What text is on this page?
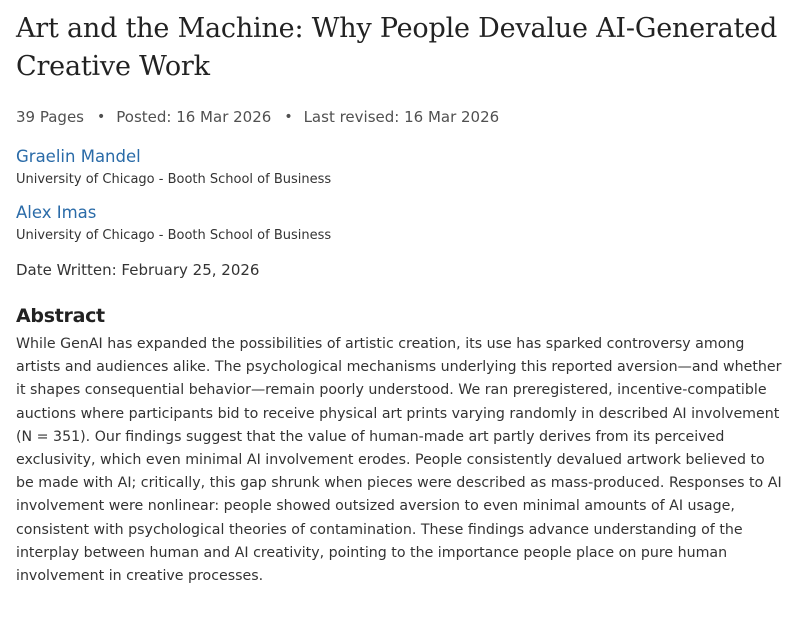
Art and the Machine: Why People Devalue AI-Generated Creative Work
39 Pages • Posted: 16 Mar 2026 • Last revised: 16 Mar 2026
Graelin Mandel
University of Chicago - Booth School of Business
Alex Imas
University of Chicago - Booth School of Business
Date Written: February 25, 2026
Abstract
While GenAI has expanded the possibilities of artistic creation, its use has sparked controversy among artists and audiences alike. The psychological mechanisms underlying this reported aversion—and whether it shapes consequential behavior—remain poorly understood. We ran preregistered, incentive-compatible auctions where participants bid to receive physical art prints varying randomly in described AI involvement (N = 351). Our findings suggest that the value of human-made art partly derives from its perceived exclusivity, which even minimal AI involvement erodes. People consistently devalued artwork believed to be made with AI; critically, this gap shrunk when pieces were described as mass-produced. Responses to AI involvement were nonlinear: people showed outsized aversion to even minimal amounts of AI usage, consistent with psychological theories of contamination. These findings advance understanding of the interplay between human and AI creativity, pointing to the importance people place on pure human involvement in creative processes.
